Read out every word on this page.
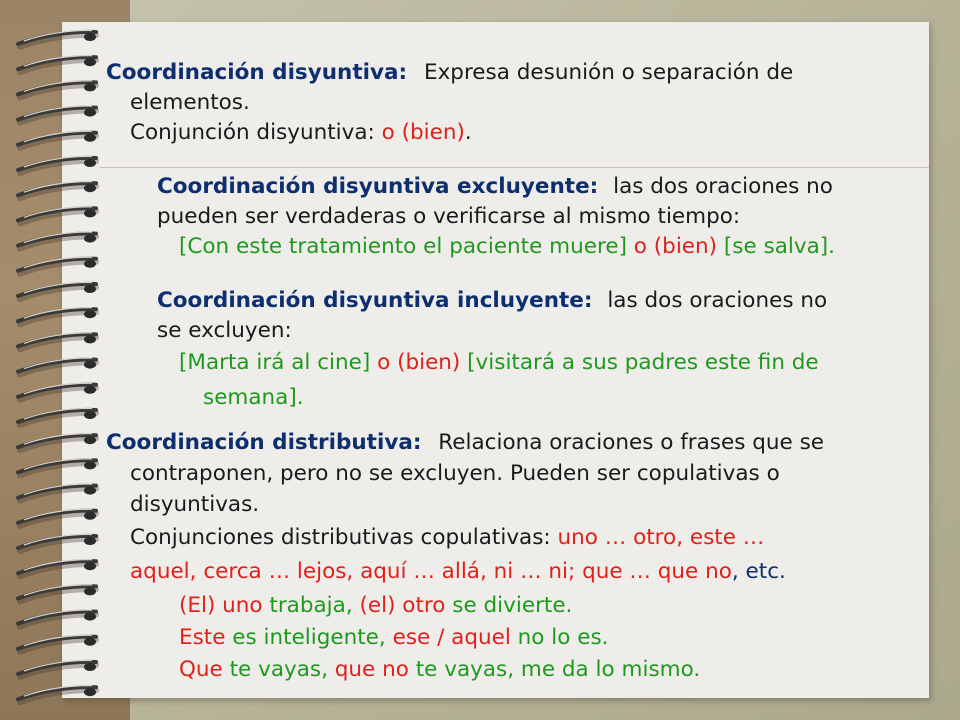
Coordinación disyuntiva: Expresa desunión o separación de
elementos.
Conjunción disyuntiva: o (bien).
Coordinación disyuntiva excluyente: las dos oraciones no
pueden ser verdaderas o verificarse al mismo tiempo:
[Con este tratamiento el paciente muere] o (bien) [se salva].
Coordinación disyuntiva incluyente: las dos oraciones no
se excluyen:
[Marta irá al cine] o (bien) [visitará a sus padres este fin de
semana].
Coordinación distributiva: Relaciona oraciones o frases que se
contraponen, pero no se excluyen. Pueden ser copulativas o
disyuntivas.
Conjunciones distributivas copulativas: uno … otro, este …
aquel, cerca … lejos, aquí … allá, ni … ni; que … que no, etc.
(El) uno trabaja, (el) otro se divierte.
Este es inteligente, ese / aquel no lo es.
Que te vayas, que no te vayas, me da lo mismo.
